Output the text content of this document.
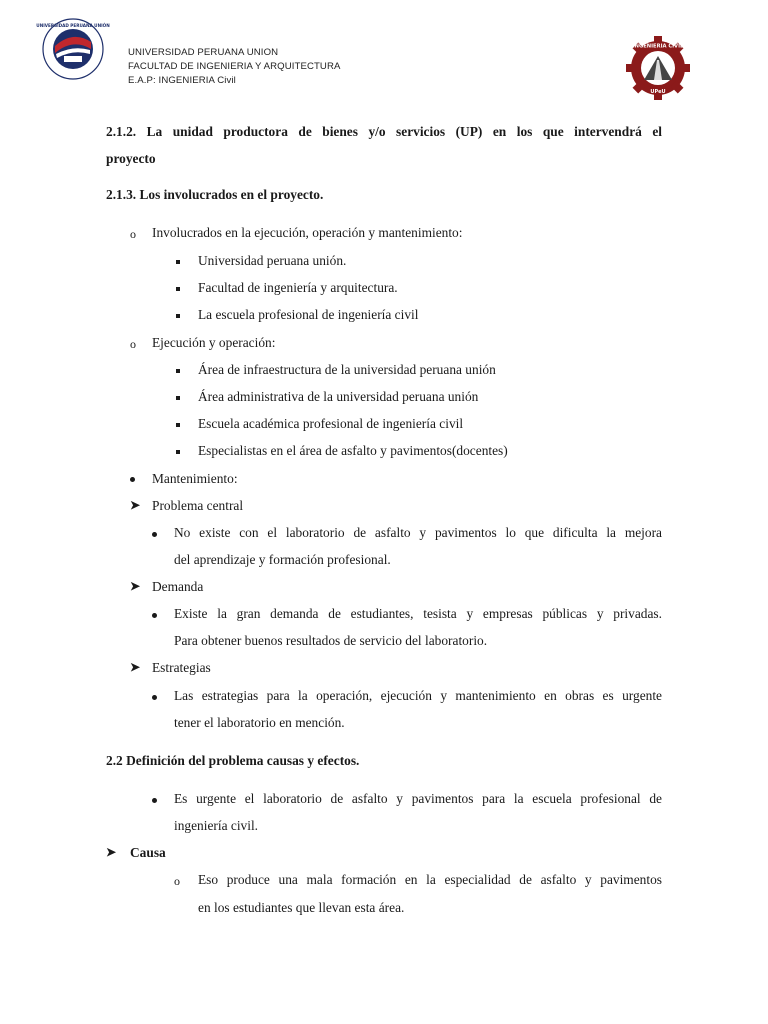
UNIVERSIDAD PERUANA UNIÓN
UNIVERSIDAD PERUANA UNION
FACULTAD DE INGENIERIA Y ARQUITECTURA
E.A.P: INGENIERIA Civil
INGENIERIA CIVIL
UPeU
2.1.2. La unidad productora de bienes y/o servicios (UP) en los que intervendrá el
proyecto
2.1.3. Los involucrados en el proyecto.
o Involucrados en la ejecución, operación y mantenimiento:
Universidad peruana unión.
Facultad de ingeniería y arquitectura.
La escuela profesional de ingeniería civil
o Ejecución y operación:
Área de infraestructura de la universidad peruana unión
Área administrativa de la universidad peruana unión
Escuela académica profesional de ingeniería civil
Especialistas en el área de asfalto y pavimentos(docentes)
Mantenimiento:
➤ Problema central
No existe con el laboratorio de asfalto y pavimentos lo que dificulta la mejora
del aprendizaje y formación profesional.
➤ Demanda
Existe la gran demanda de estudiantes, tesista y empresas públicas y privadas.
Para obtener buenos resultados de servicio del laboratorio.
➤ Estrategias
Las estrategias para la operación, ejecución y mantenimiento en obras es urgente
tener el laboratorio en mención.
2.2 Definición del problema causas y efectos.
Es urgente el laboratorio de asfalto y pavimentos para la escuela profesional de
ingeniería civil.
➤ Causa
o Eso produce una mala formación en la especialidad de asfalto y pavimentos
en los estudiantes que llevan esta área.
